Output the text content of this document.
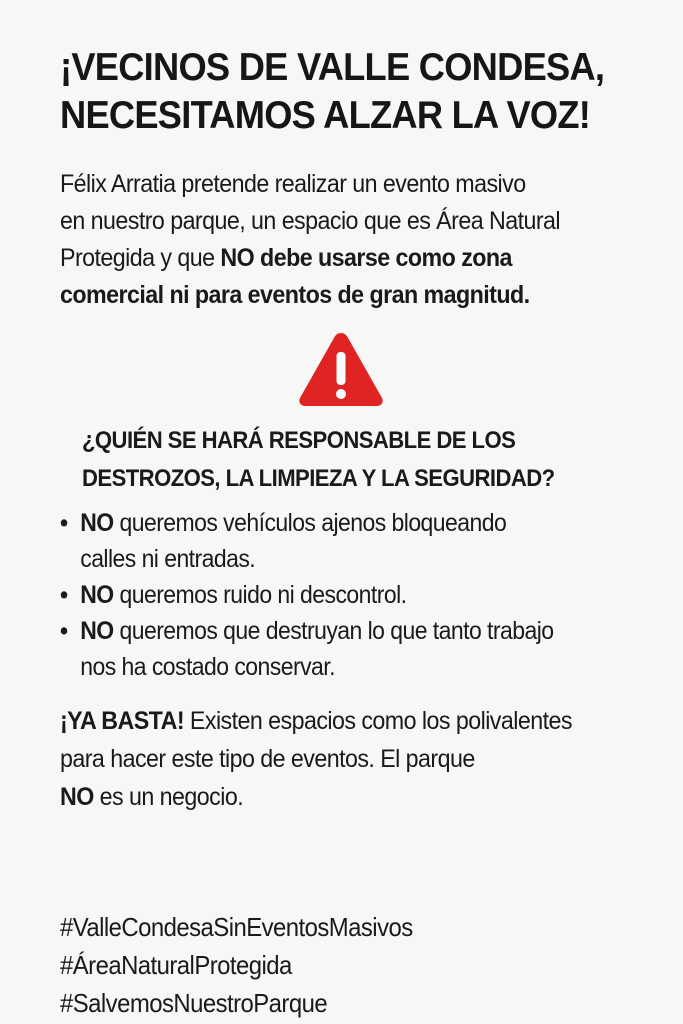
¡VECINOS DE VALLE CONDESA,
NECESITAMOS ALZAR LA VOZ!

Félix Arratia pretende realizar un evento masivo
en nuestro parque, un espacio que es Área Natural
Protegida y que NO debe usarse como zona
comercial ni para eventos de gran magnitud.

¿QUIÉN SE HARÁ RESPONSABLE DE LOS
DESTROZOS, LA LIMPIEZA Y LA SEGURIDAD?
• NO queremos vehículos ajenos bloqueando
calles ni entradas.
• NO queremos ruido ni descontrol.
• NO queremos que destruyan lo que tanto trabajo
nos ha costado conservar.

¡YA BASTA! Existen espacios como los polivalentes
para hacer este tipo de eventos. El parque
NO es un negocio.

#ValleCondesaSinEventosMasivos
#ÁreaNaturalProtegida
#SalvemosNuestroParque
